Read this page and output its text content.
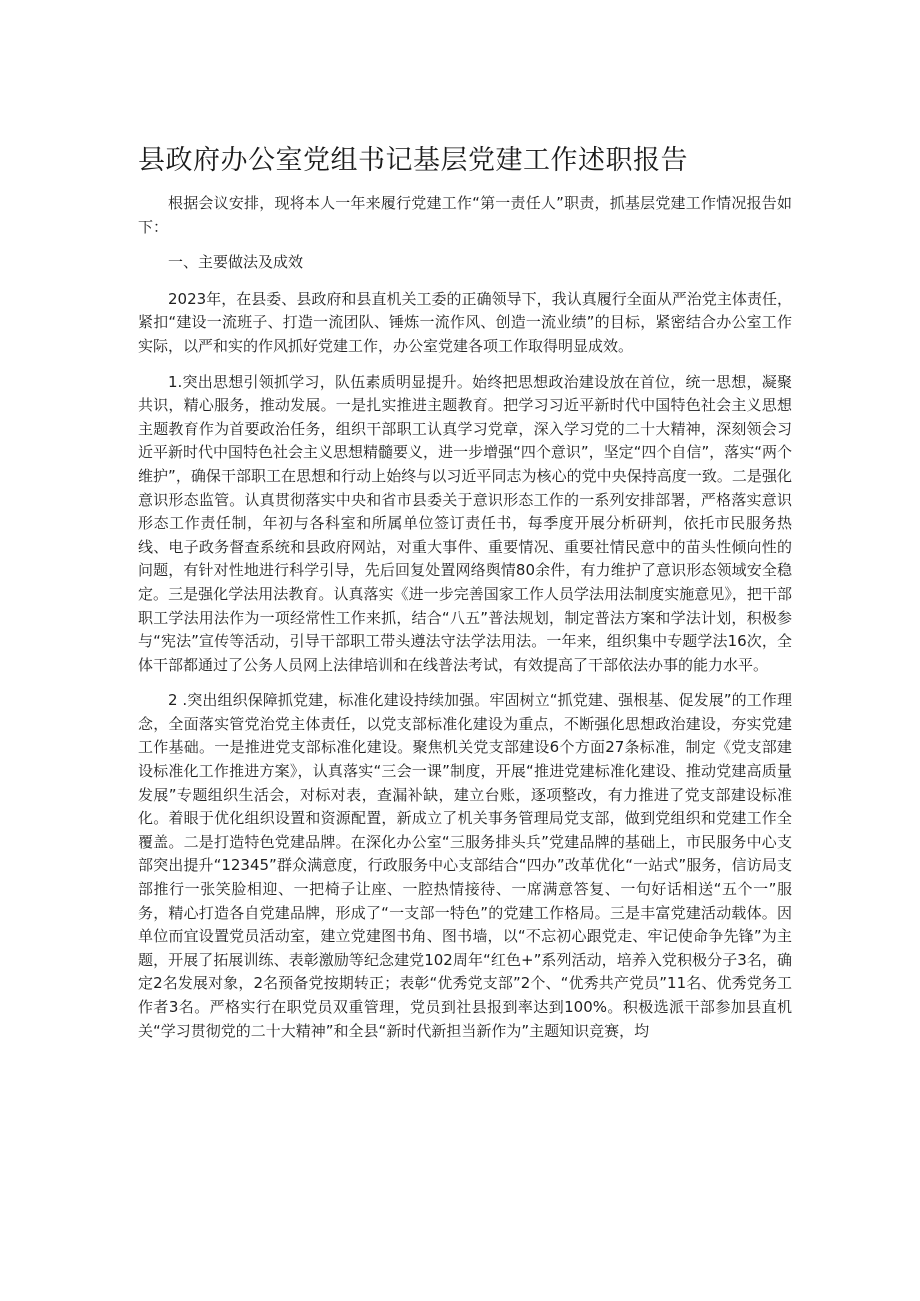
县政府办公室党组书记基层党建工作述职报告

根据会议安排，现将本人一年来履行党建工作“第一责任人”职责，抓基层党建工作情况报告如下：

一、主要做法及成效

2023年，在县委、县政府和县直机关工委的正确领导下，我认真履行全面从严治党主体责任，紧扣“建设一流班子、打造一流团队、锤炼一流作风、创造一流业绩”的目标，紧密结合办公室工作实际，以严和实的作风抓好党建工作，办公室党建各项工作取得明显成效。

1.突出思想引领抓学习，队伍素质明显提升。始终把思想政治建设放在首位，统一思想，凝聚共识，精心服务，推动发展。一是扎实推进主题教育。把学习习近平新时代中国特色社会主义思想主题教育作为首要政治任务，组织干部职工认真学习党章，深入学习党的二十大精神，深刻领会习近平新时代中国特色社会主义思想精髓要义，进一步增强“四个意识”，坚定“四个自信”，落实“两个维护”，确保干部职工在思想和行动上始终与以习近平同志为核心的党中央保持高度一致。二是强化意识形态监管。认真贯彻落实中央和省市县委关于意识形态工作的一系列安排部署，严格落实意识形态工作责任制，年初与各科室和所属单位签订责任书，每季度开展分析研判，依托市民服务热线、电子政务督查系统和县政府网站，对重大事件、重要情况、重要社情民意中的苗头性倾向性的问题，有针对性地进行科学引导，先后回复处置网络舆情80余件，有力维护了意识形态领域安全稳定。三是强化学法用法教育。认真落实《进一步完善国家工作人员学法用法制度实施意见》，把干部职工学法用法作为一项经常性工作来抓，结合“八五”普法规划，制定普法方案和学法计划，积极参与“宪法”宣传等活动，引导干部职工带头遵法守法学法用法。一年来，组织集中专题学法16次，全体干部都通过了公务人员网上法律培训和在线普法考试，有效提高了干部依法办事的能力水平。

2 .突出组织保障抓党建，标准化建设持续加强。牢固树立“抓党建、强根基、促发展”的工作理念，全面落实管党治党主体责任，以党支部标准化建设为重点，不断强化思想政治建设，夯实党建工作基础。一是推进党支部标准化建设。聚焦机关党支部建设6个方面27条标准，制定《党支部建设标准化工作推进方案》，认真落实“三会一课”制度，开展“推进党建标准化建设、推动党建高质量发展”专题组织生活会，对标对表，查漏补缺，建立台账，逐项整改，有力推进了党支部建设标准化。着眼于优化组织设置和资源配置，新成立了机关事务管理局党支部，做到党组织和党建工作全覆盖。二是打造特色党建品牌。在深化办公室“三服务排头兵”党建品牌的基础上，市民服务中心支部突出提升“12345”群众满意度，行政服务中心支部结合“四办”改革优化“一站式”服务，信访局支部推行一张笑脸相迎、一把椅子让座、一腔热情接待、一席满意答复、一句好话相送“五个一”服务，精心打造各自党建品牌，形成了“一支部一特色”的党建工作格局。三是丰富党建活动载体。因单位而宜设置党员活动室，建立党建图书角、图书墙，以“不忘初心跟党走、牢记使命争先锋”为主题，开展了拓展训练、表彰激励等纪念建党102周年“红色+”系列活动，培养入党积极分子3名，确定2名发展对象，2名预备党按期转正；表彰“优秀党支部”2个、“优秀共产党员”11名、优秀党务工作者3名。严格实行在职党员双重管理，党员到社县报到率达到100%。积极选派干部参加县直机关“学习贯彻党的二十大精神”和全县“新时代新担当新作为”主题知识竞赛，均
